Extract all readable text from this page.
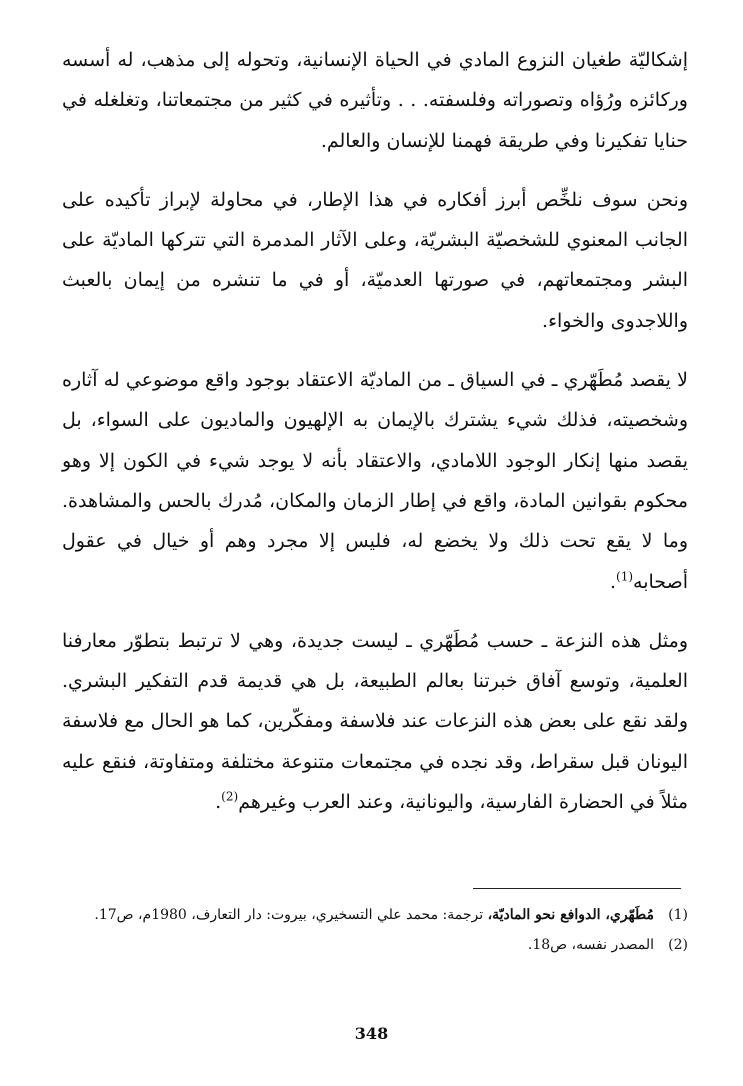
إشكاليّة طغيان النزوع المادي في الحياة الإنسانية، وتحوله إلى مذهب، له أسسه وركائزه ورُؤاه وتصوراته وفلسفته. . . وتأثيره في كثير من مجتمعاتنا، وتغلغله في حنايا تفكيرنا وفي طريقة فهمنا للإنسان والعالم.

ونحن سوف نلخِّص أبرز أفكاره في هذا الإطار، في محاولة لإبراز تأكيده على الجانب المعنوي للشخصيّة البشريّة، وعلى الآثار المدمرة التي تتركها الماديّة على البشر ومجتمعاتهم، في صورتها العدميّة، أو في ما تنشره من إيمان بالعبث واللاجدوى والخواء.

لا يقصد مُطَهّري ـ في السياق ـ من الماديّة الاعتقاد بوجود واقع موضوعي له آثاره وشخصيته، فذلك شيء يشترك بالإيمان به الإلهيون والماديون على السواء، بل يقصد منها إنكار الوجود اللامادي، والاعتقاد بأنه لا يوجد شيء في الكون إلا وهو محكوم بقوانين المادة، واقع في إطار الزمان والمكان، مُدرك بالحس والمشاهدة. وما لا يقع تحت ذلك ولا يخضع له، فليس إلا مجرد وهم أو خيال في عقول أصحابه$^{(1)}$.

ومثل هذه النزعة ـ حسب مُطَهّري ـ ليست جديدة، وهي لا ترتبط بتطوّر معارفنا العلمية، وتوسع آفاق خبرتنا بعالم الطبيعة، بل هي قديمة قدم التفكير البشري. ولقد نقع على بعض هذه النزعات عند فلاسفة ومفكّرين، كما هو الحال مع فلاسفة اليونان قبل سقراط، وقد نجده في مجتمعات متنوعة مختلفة ومتفاوتة، فنقع عليه مثلاً في الحضارة الفارسية، واليونانية، وعند العرب وغيرهم$^{(2)}$.

(1)
مُطَهّري، الدوافع نحو الماديّة، ترجمة: محمد علي التسخيري، بيروت: دار التعارف، 1980م، ص17.
(2)
المصدر نفسه، ص18.
348
